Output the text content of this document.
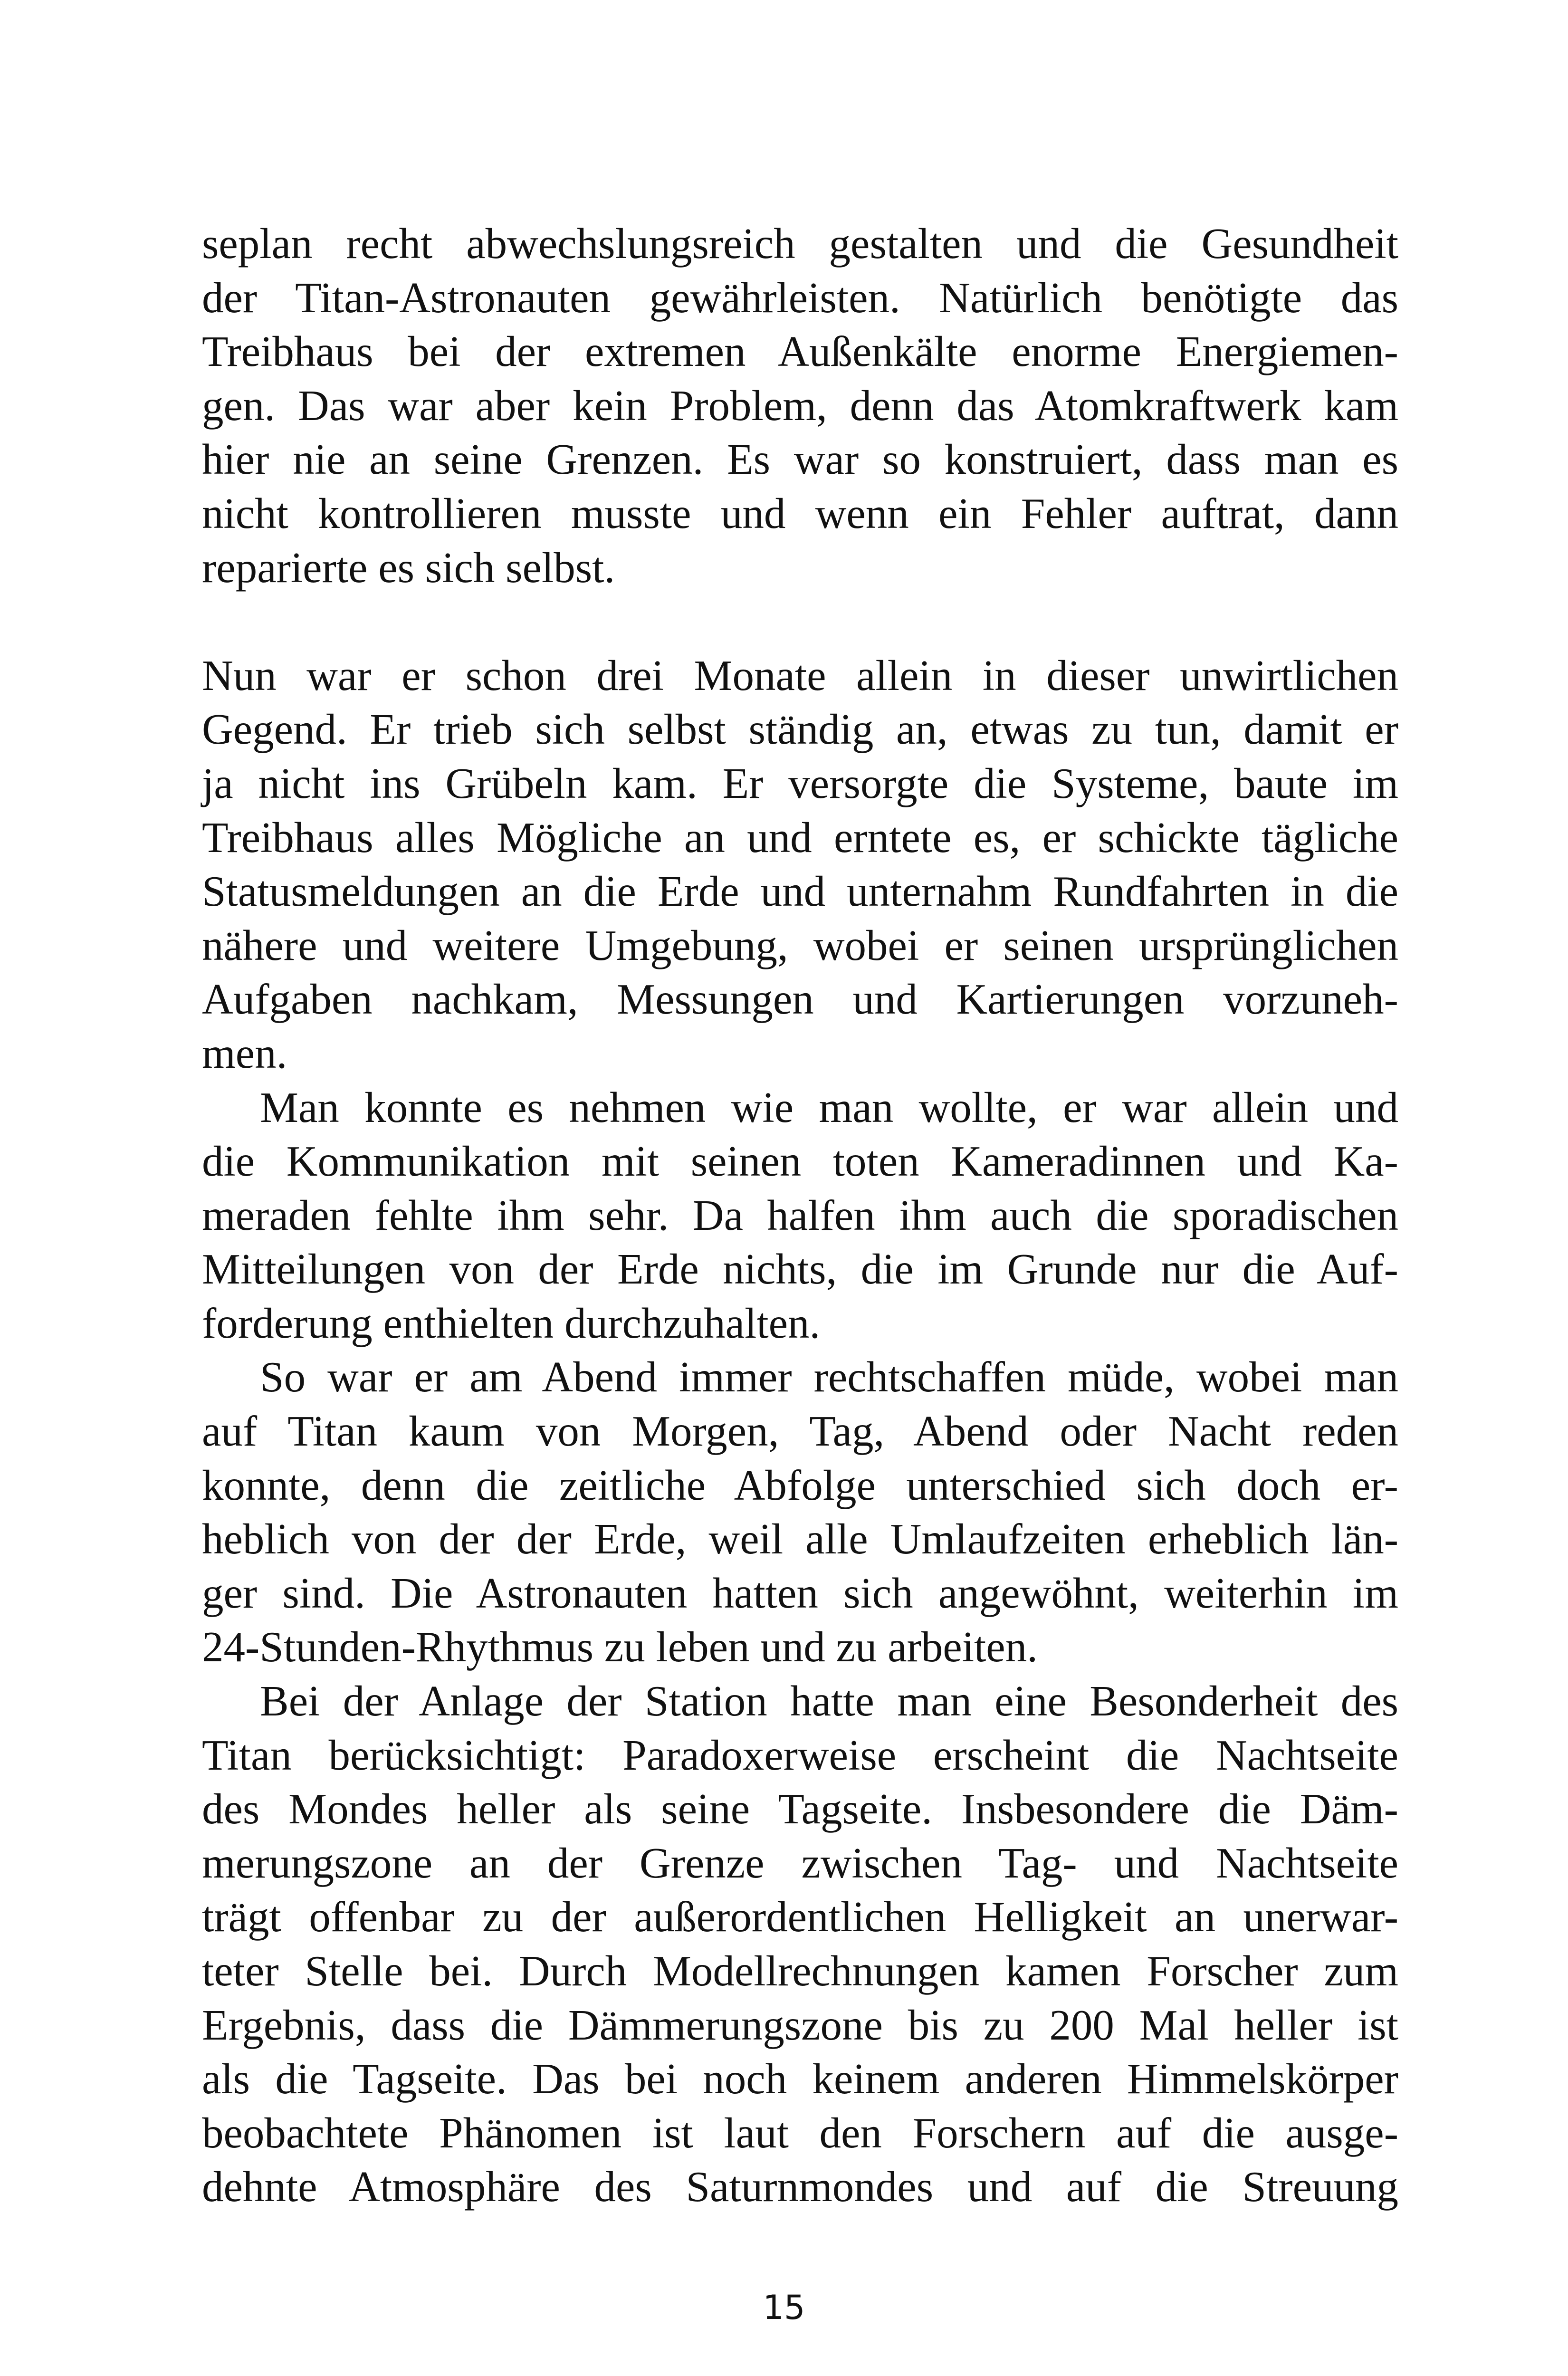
seplan recht abwechslungsreich gestalten und die Gesundheit
der Titan-Astronauten gewährleisten. Natürlich benötigte das
Treibhaus bei der extremen Außenkälte enorme Energiemen-
gen. Das war aber kein Problem, denn das Atomkraftwerk kam
hier nie an seine Grenzen. Es war so konstruiert, dass man es
nicht kontrollieren musste und wenn ein Fehler auftrat, dann
reparierte es sich selbst.
Nun war er schon drei Monate allein in dieser unwirtlichen
Gegend. Er trieb sich selbst ständig an, etwas zu tun, damit er
ja nicht ins Grübeln kam. Er versorgte die Systeme, baute im
Treibhaus alles Mögliche an und erntete es, er schickte tägliche
Statusmeldungen an die Erde und unternahm Rundfahrten in die
nähere und weitere Umgebung, wobei er seinen ursprünglichen
Aufgaben nachkam, Messungen und Kartierungen vorzuneh-
men.
Man konnte es nehmen wie man wollte, er war allein und
die Kommunikation mit seinen toten Kameradinnen und Ka-
meraden fehlte ihm sehr. Da halfen ihm auch die sporadischen
Mitteilungen von der Erde nichts, die im Grunde nur die Auf-
forderung enthielten durchzuhalten.
So war er am Abend immer rechtschaffen müde, wobei man
auf Titan kaum von Morgen, Tag, Abend oder Nacht reden
konnte, denn die zeitliche Abfolge unterschied sich doch er-
heblich von der der Erde, weil alle Umlaufzeiten erheblich län-
ger sind. Die Astronauten hatten sich angewöhnt, weiterhin im
24-Stunden-Rhythmus zu leben und zu arbeiten.
Bei der Anlage der Station hatte man eine Besonderheit des
Titan berücksichtigt: Paradoxerweise erscheint die Nachtseite
des Mondes heller als seine Tagseite. Insbesondere die Däm-
merungszone an der Grenze zwischen Tag- und Nachtseite
trägt offenbar zu der außerordentlichen Helligkeit an unerwar-
teter Stelle bei. Durch Modellrechnungen kamen Forscher zum
Ergebnis, dass die Dämmerungszone bis zu 200 Mal heller ist
als die Tagseite. Das bei noch keinem anderen Himmelskörper
beobachtete Phänomen ist laut den Forschern auf die ausge-
dehnte Atmosphäre des Saturnmondes und auf die Streuung
15
